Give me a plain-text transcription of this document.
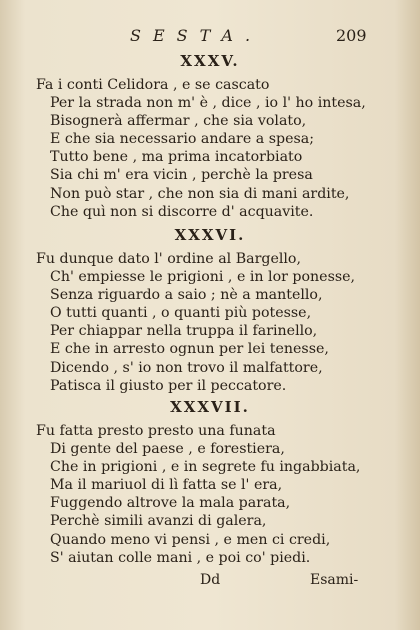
SESTA.	209
XXXV.
Fa i conti Celidora , e se cascato
Per la strada non m' è , dice , io l' ho intesa,
Bisognerà affermar , che sia volato,
E che sia necessario andare a spesa;
Tutto bene , ma prima incatorbiato
Sia chi m' era vicin , perchè la presa
Non può star , che non sia di mani ardite,
Che quì non si discorre d' acquavite.
XXXVI.
Fu dunque dato l' ordine al Bargello,
Ch' empiesse le prigioni , e in lor ponesse,
Senza riguardo a saio ; nè a mantello,
O tutti quanti , o quanti più potesse,
Per chiappar nella truppa il farinello,
E che in arresto ognun per lei tenesse,
Dicendo , s' io non trovo il malfattore,
Patisca il giusto per il peccatore.
XXXVII.
Fu fatta presto presto una funata
Di gente del paese , e forestiera,
Che in prigioni , e in segrete fu ingabbiata,
Ma il mariuol di lì fatta se l' era,
Fuggendo altrove la mala parata,
Perchè simili avanzi di galera,
Quando meno vi pensi , e men ci credi,
S' aiutan colle mani , e poi co' piedi.
Dd	Esami-
